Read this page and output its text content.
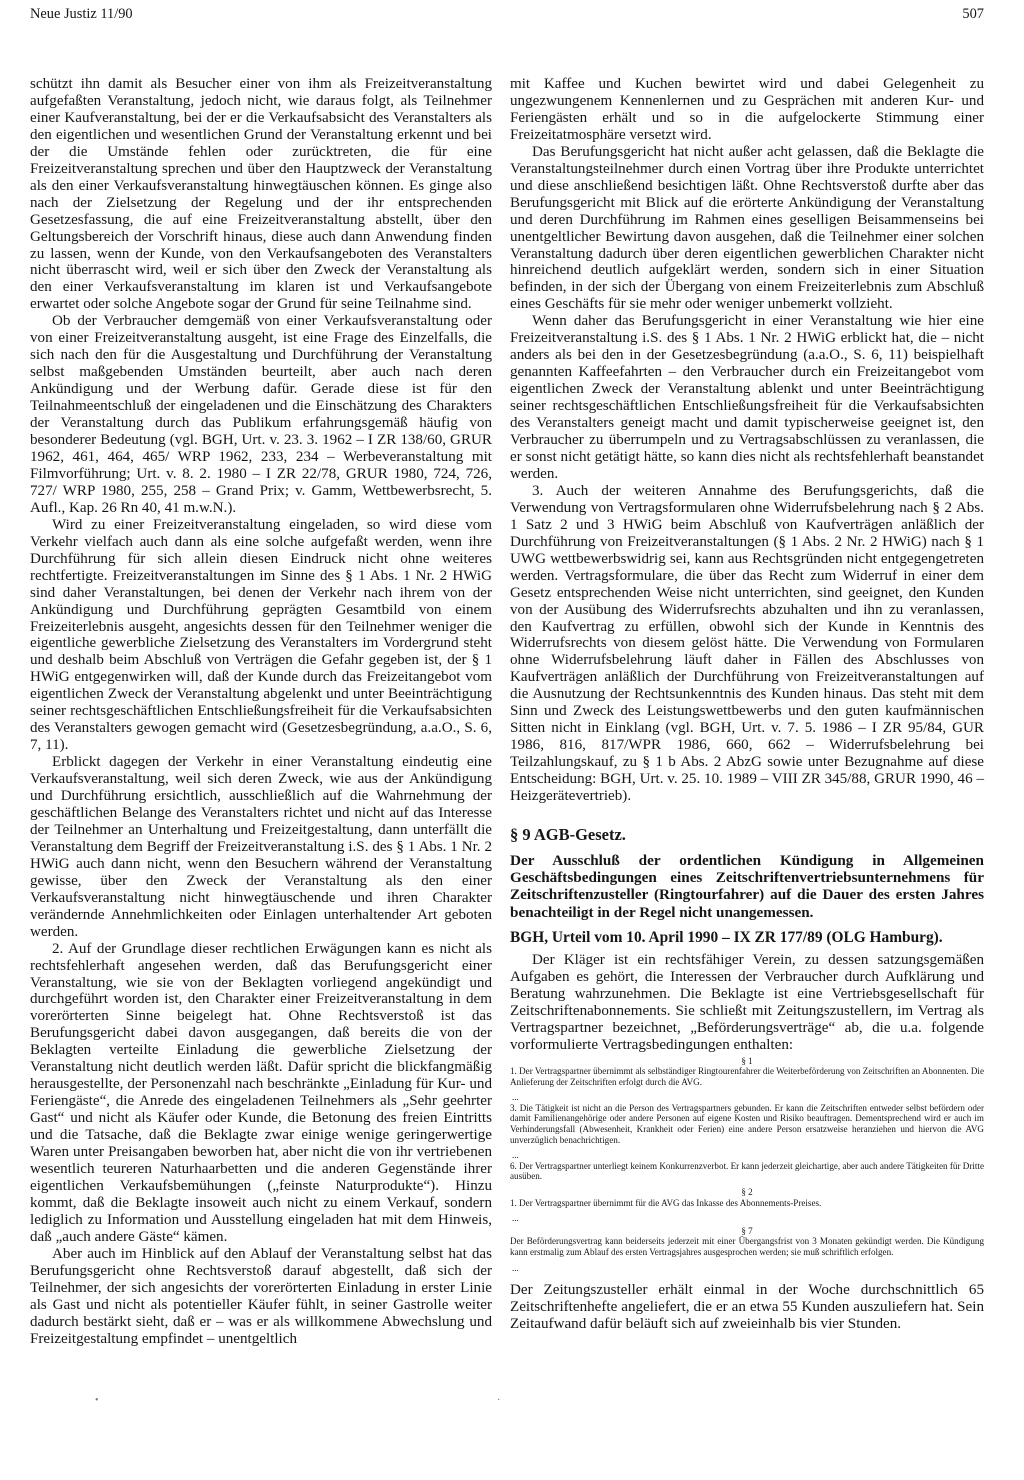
Neue Justiz 11/90	507

schützt ihn damit als Besucher einer von ihm als Freizeitveranstaltung aufgefaßten Veranstaltung, jedoch nicht, wie daraus folgt, als Teilnehmer einer Kaufveranstaltung, bei der er die Verkaufsabsicht des Veranstalters als den eigentlichen und wesentlichen Grund der Veranstaltung erkennt und bei der die Umstände fehlen oder zurücktreten, die für eine Freizeitveranstaltung sprechen und über den Hauptzweck der Veranstaltung als den einer Verkaufsveranstaltung hinwegtäuschen können. Es ginge also nach der Zielsetzung der Regelung und der ihr entsprechenden Gesetzesfassung, die auf eine Freizeitveranstaltung abstellt, über den Geltungsbereich der Vorschrift hinaus, diese auch dann Anwendung finden zu lassen, wenn der Kunde, von den Verkaufsangeboten des Veranstalters nicht überrascht wird, weil er sich über den Zweck der Veranstaltung als den einer Verkaufsveranstaltung im klaren ist und Verkaufsangebote erwartet oder solche Angebote sogar der Grund für seine Teilnahme sind.

Ob der Verbraucher demgemäß von einer Verkaufsveranstaltung oder von einer Freizeitveranstaltung ausgeht, ist eine Frage des Einzelfalls, die sich nach den für die Ausgestaltung und Durchführung der Veranstaltung selbst maßgebenden Umständen beurteilt, aber auch nach deren Ankündigung und der Werbung dafür. Gerade diese ist für den Teilnahmeentschluß der eingeladenen und die Einschätzung des Charakters der Veranstaltung durch das Publikum erfahrungsgemäß häufig von besonderer Bedeutung (vgl. BGH, Urt. v. 23. 3. 1962 – I ZR 138/60, GRUR 1962, 461, 464, 465/ WRP 1962, 233, 234 – Werbeveranstaltung mit Filmvorführung; Urt. v. 8. 2. 1980 – I ZR 22/78, GRUR 1980, 724, 726, 727/ WRP 1980, 255, 258 – Grand Prix; v. Gamm, Wettbewerbsrecht, 5. Aufl., Kap. 26 Rn 40, 41 m.w.N.).

Wird zu einer Freizeitveranstaltung eingeladen, so wird diese vom Verkehr vielfach auch dann als eine solche aufgefaßt werden, wenn ihre Durchführung für sich allein diesen Eindruck nicht ohne weiteres rechtfertigte. Freizeitveranstaltungen im Sinne des § 1 Abs. 1 Nr. 2 HWiG sind daher Veranstaltungen, bei denen der Verkehr nach ihrem von der Ankündigung und Durchführung geprägten Gesamtbild von einem Freizeiterlebnis ausgeht, angesichts dessen für den Teilnehmer weniger die eigentliche gewerbliche Zielsetzung des Veranstalters im Vordergrund steht und deshalb beim Abschluß von Verträgen die Gefahr gegeben ist, der § 1 HWiG entgegenwirken will, daß der Kunde durch das Freizeitangebot vom eigentlichen Zweck der Veranstaltung abgelenkt und unter Beeinträchtigung seiner rechtsgeschäftlichen Entschließungsfreiheit für die Verkaufsabsichten des Veranstalters gewogen gemacht wird (Gesetzesbegründung, a.a.O., S. 6, 7, 11).

Erblickt dagegen der Verkehr in einer Veranstaltung eindeutig eine Verkaufsveranstaltung, weil sich deren Zweck, wie aus der Ankündigung und Durchführung ersichtlich, ausschließlich auf die Wahrnehmung der geschäftlichen Belange des Veranstalters richtet und nicht auf das Interesse der Teilnehmer an Unterhaltung und Freizeitgestaltung, dann unterfällt die Veranstaltung dem Begriff der Freizeitveranstaltung i.S. des § 1 Abs. 1 Nr. 2 HWiG auch dann nicht, wenn den Besuchern während der Veranstaltung gewisse, über den Zweck der Veranstaltung als den einer Verkaufsveranstaltung nicht hinwegtäuschende und ihren Charakter verändernde Annehmlichkeiten oder Einlagen unterhaltender Art geboten werden.

2. Auf der Grundlage dieser rechtlichen Erwägungen kann es nicht als rechtsfehlerhaft angesehen werden, daß das Berufungsgericht einer Veranstaltung, wie sie von der Beklagten vorliegend angekündigt und durchgeführt worden ist, den Charakter einer Freizeitveranstaltung in dem vorerörterten Sinne beigelegt hat. Ohne Rechtsverstoß ist das Berufungsgericht dabei davon ausgegangen, daß bereits die von der Beklagten verteilte Einladung die gewerbliche Zielsetzung der Veranstaltung nicht deutlich werden läßt. Dafür spricht die blickfangmäßig herausgestellte, der Personenzahl nach beschränkte „Einladung für Kur- und Feriengäste“, die Anrede des eingeladenen Teilnehmers als „Sehr geehrter Gast“ und nicht als Käufer oder Kunde, die Betonung des freien Eintritts und die Tatsache, daß die Beklagte zwar einige wenige geringerwertige Waren unter Preisangaben beworben hat, aber nicht die von ihr vertriebenen wesentlich teureren Naturhaarbetten und die anderen Gegenstände ihrer eigentlichen Verkaufsbemühungen („feinste Naturprodukte“). Hinzu kommt, daß die Beklagte insoweit auch nicht zu einem Verkauf, sondern lediglich zu Information und Ausstellung eingeladen hat mit dem Hinweis, daß „auch andere Gäste“ kämen.

Aber auch im Hinblick auf den Ablauf der Veranstaltung selbst hat das Berufungsgericht ohne Rechtsverstoß darauf abgestellt, daß sich der Teilnehmer, der sich angesichts der vorerörterten Einladung in erster Linie als Gast und nicht als potentieller Käufer fühlt, in seiner Gastrolle weiter dadurch bestärkt sieht, daß er – was er als willkommene Abwechslung und Freizeitgestaltung empfindet – unentgeltlich

mit Kaffee und Kuchen bewirtet wird und dabei Gelegenheit zu ungezwungenem Kennenlernen und zu Gesprächen mit anderen Kur- und Feriengästen erhält und so in die aufgelockerte Stimmung einer Freizeitatmosphäre versetzt wird.

Das Berufungsgericht hat nicht außer acht gelassen, daß die Beklagte die Veranstaltungsteilnehmer durch einen Vortrag über ihre Produkte unterrichtet und diese anschließend besichtigen läßt. Ohne Rechtsverstoß durfte aber das Berufungsgericht mit Blick auf die erörterte Ankündigung der Veranstaltung und deren Durchführung im Rahmen eines geselligen Beisammenseins bei unentgeltlicher Bewirtung davon ausgehen, daß die Teilnehmer einer solchen Veranstaltung dadurch über deren eigentlichen gewerblichen Charakter nicht hinreichend deutlich aufgeklärt werden, sondern sich in einer Situation befinden, in der sich der Übergang von einem Freizeiterlebnis zum Abschluß eines Geschäfts für sie mehr oder weniger unbemerkt vollzieht.

Wenn daher das Berufungsgericht in einer Veranstaltung wie hier eine Freizeitveranstaltung i.S. des § 1 Abs. 1 Nr. 2 HWiG erblickt hat, die – nicht anders als bei den in der Gesetzesbegründung (a.a.O., S. 6, 11) beispielhaft genannten Kaffeefahrten – den Verbraucher durch ein Freizeitangebot vom eigentlichen Zweck der Veranstaltung ablenkt und unter Beeinträchtigung seiner rechtsgeschäftlichen Entschließungsfreiheit für die Verkaufsabsichten des Veranstalters geneigt macht und damit typischerweise geeignet ist, den Verbraucher zu überrumpeln und zu Vertragsabschlüssen zu veranlassen, die er sonst nicht getätigt hätte, so kann dies nicht als rechtsfehlerhaft beanstandet werden.

3. Auch der weiteren Annahme des Berufungsgerichts, daß die Verwendung von Vertragsformularen ohne Widerrufsbelehrung nach § 2 Abs. 1 Satz 2 und 3 HWiG beim Abschluß von Kaufverträgen anläßlich der Durchführung von Freizeitveranstaltungen (§ 1 Abs. 2 Nr. 2 HWiG) nach § 1 UWG wettbewerbswidrig sei, kann aus Rechtsgründen nicht entgegengetreten werden. Vertragsformulare, die über das Recht zum Widerruf in einer dem Gesetz entsprechenden Weise nicht unterrichten, sind geeignet, den Kunden von der Ausübung des Widerrufsrechts abzuhalten und ihn zu veranlassen, den Kaufvertrag zu erfüllen, obwohl sich der Kunde in Kenntnis des Widerrufsrechts von diesem gelöst hätte. Die Verwendung von Formularen ohne Widerrufsbelehrung läuft daher in Fällen des Abschlusses von Kaufverträgen anläßlich der Durchführung von Freizeitveranstaltungen auf die Ausnutzung der Rechtsunkenntnis des Kunden hinaus. Das steht mit dem Sinn und Zweck des Leistungswettbewerbs und den guten kaufmännischen Sitten nicht in Einklang (vgl. BGH, Urt. v. 7. 5. 1986 – I ZR 95/84, GUR 1986, 816, 817/WPR 1986, 660, 662 – Widerrufsbelehrung bei Teilzahlungskauf, zu § 1 b Abs. 2 AbzG sowie unter Bezugnahme auf diese Entscheidung: BGH, Urt. v. 25. 10. 1989 – VIII ZR 345/88, GRUR 1990, 46 – Heizgerätevertrieb).

§ 9 AGB-Gesetz.
Der Ausschluß der ordentlichen Kündigung in Allgemeinen Geschäftsbedingungen eines Zeitschriftenvertriebsunternehmens für Zeitschriftenzusteller (Ringtourfahrer) auf die Dauer des ersten Jahres benachteiligt in der Regel nicht unangemessen.
BGH, Urteil vom 10. April 1990 – IX ZR 177/89 (OLG Hamburg).

Der Kläger ist ein rechtsfähiger Verein, zu dessen satzungsgemäßen Aufgaben es gehört, die Interessen der Verbraucher durch Aufklärung und Beratung wahrzunehmen. Die Beklagte ist eine Vertriebsgesellschaft für Zeitschriftenabonnements. Sie schließt mit Zeitungszustellern, im Vertrag als Vertragspartner bezeichnet, „Beförderungsverträge“ ab, die u.a. folgende vorformulierte Vertragsbedingungen enthalten:

§ 1
1. Der Vertragspartner übernimmt als selbständiger Ringtourenfahrer die Weiterbeförderung von Zeitschriften an Abonnenten. Die Anlieferung der Zeitschriften erfolgt durch die AVG.
...
3. Die Tätigkeit ist nicht an die Person des Vertragspartners gebunden. Er kann die Zeitschriften entweder selbst befördern oder damit Familienangehörige oder andere Personen auf eigene Kosten und Risiko beauftragen. Dementsprechend wird er auch im Verhinderungsfall (Abwesenheit, Krankheit oder Ferien) eine andere Person ersatzweise heranziehen und hiervon die AVG unverzüglich benachrichtigen.
...
6. Der Vertragspartner unterliegt keinem Konkurrenzverbot. Er kann jederzeit gleichartige, aber auch andere Tätigkeiten für Dritte ausüben.
§ 2
1. Der Vertragspartner übernimmt für die AVG das Inkasse des Abonnements-Preises.
...
§ 7
Der Beförderungsvertrag kann beiderseits jederzeit mit einer Übergangsfrist von 3 Monaten gekündigt werden. Die Kündigung kann erstmalig zum Ablauf des ersten Vertragsjahres ausgesprochen werden; sie muß schriftlich erfolgen.
...

Der Zeitungszusteller erhält einmal in der Woche durchschnittlich 65 Zeitschriftenhefte angeliefert, die er an etwa 55 Kunden auszuliefern hat. Sein Zeitaufwand dafür beläuft sich auf zweieinhalb bis vier Stunden.

•	·
